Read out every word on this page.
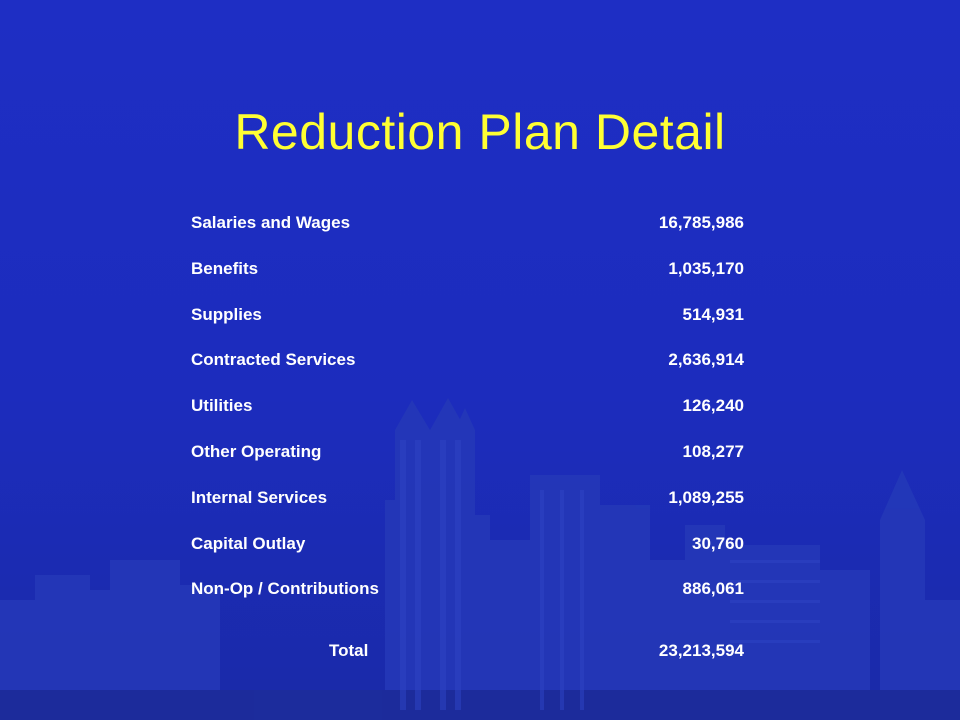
Reduction Plan Detail
Salaries and Wages	16,785,986
Benefits	1,035,170
Supplies	514,931
Contracted Services	2,636,914
Utilities	126,240
Other Operating	108,277
Internal Services	1,089,255
Capital Outlay	30,760
Non-Op / Contributions	886,061
Total	23,213,594
